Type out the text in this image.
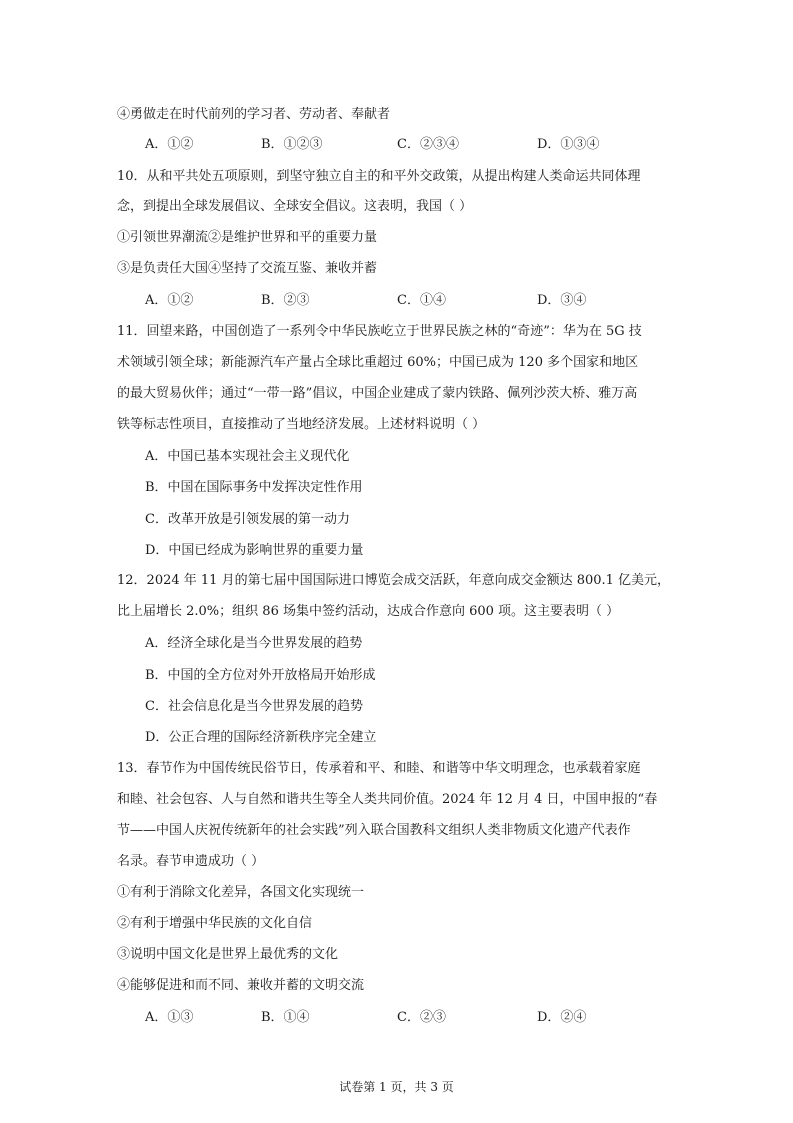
④勇做走在时代前列的学习者、劳动者、奉献者
A．①②	B．①②③	C．②③④	D．①③④
10．从和平共处五项原则，到坚守独立自主的和平外交政策，从提出构建人类命运共同体理
念，到提出全球发展倡议、全球安全倡议。这表明，我国（ ）
①引领世界潮流②是维护世界和平的重要力量
③是负责任大国④坚持了交流互鉴、兼收并蓄
A．①②	B．②③	C．①④	D．③④
11．回望来路，中国创造了一系列令中华民族屹立于世界民族之林的“奇迹”：华为在 5G 技
术领域引领全球；新能源汽车产量占全球比重超过 60%；中国已成为 120 多个国家和地区
的最大贸易伙伴；通过“一带一路”倡议，中国企业建成了蒙内铁路、佩列沙茨大桥、雅万高
铁等标志性项目，直接推动了当地经济发展。上述材料说明（ ）
A．中国已基本实现社会主义现代化
B．中国在国际事务中发挥决定性作用
C．改革开放是引领发展的第一动力
D．中国已经成为影响世界的重要力量
12．2024 年 11 月的第七届中国国际进口博览会成交活跃，年意向成交金额达 800.1 亿美元，
比上届增长 2.0%；组织 86 场集中签约活动，达成合作意向 600 项。这主要表明（ ）
A．经济全球化是当今世界发展的趋势
B．中国的全方位对外开放格局开始形成
C．社会信息化是当今世界发展的趋势
D．公正合理的国际经济新秩序完全建立
13．春节作为中国传统民俗节日，传承着和平、和睦、和谐等中华文明理念，也承载着家庭
和睦、社会包容、人与自然和谐共生等全人类共同价值。2024 年 12 月 4 日，中国申报的“春
节——中国人庆祝传统新年的社会实践”列入联合国教科文组织人类非物质文化遗产代表作
名录。春节申遗成功（ ）
①有利于消除文化差异，各国文化实现统一
②有利于增强中华民族的文化自信
③说明中国文化是世界上最优秀的文化
④能够促进和而不同、兼收并蓄的文明交流
A．①③	B．①④	C．②③	D．②④
试卷第 1 页，共 3 页
